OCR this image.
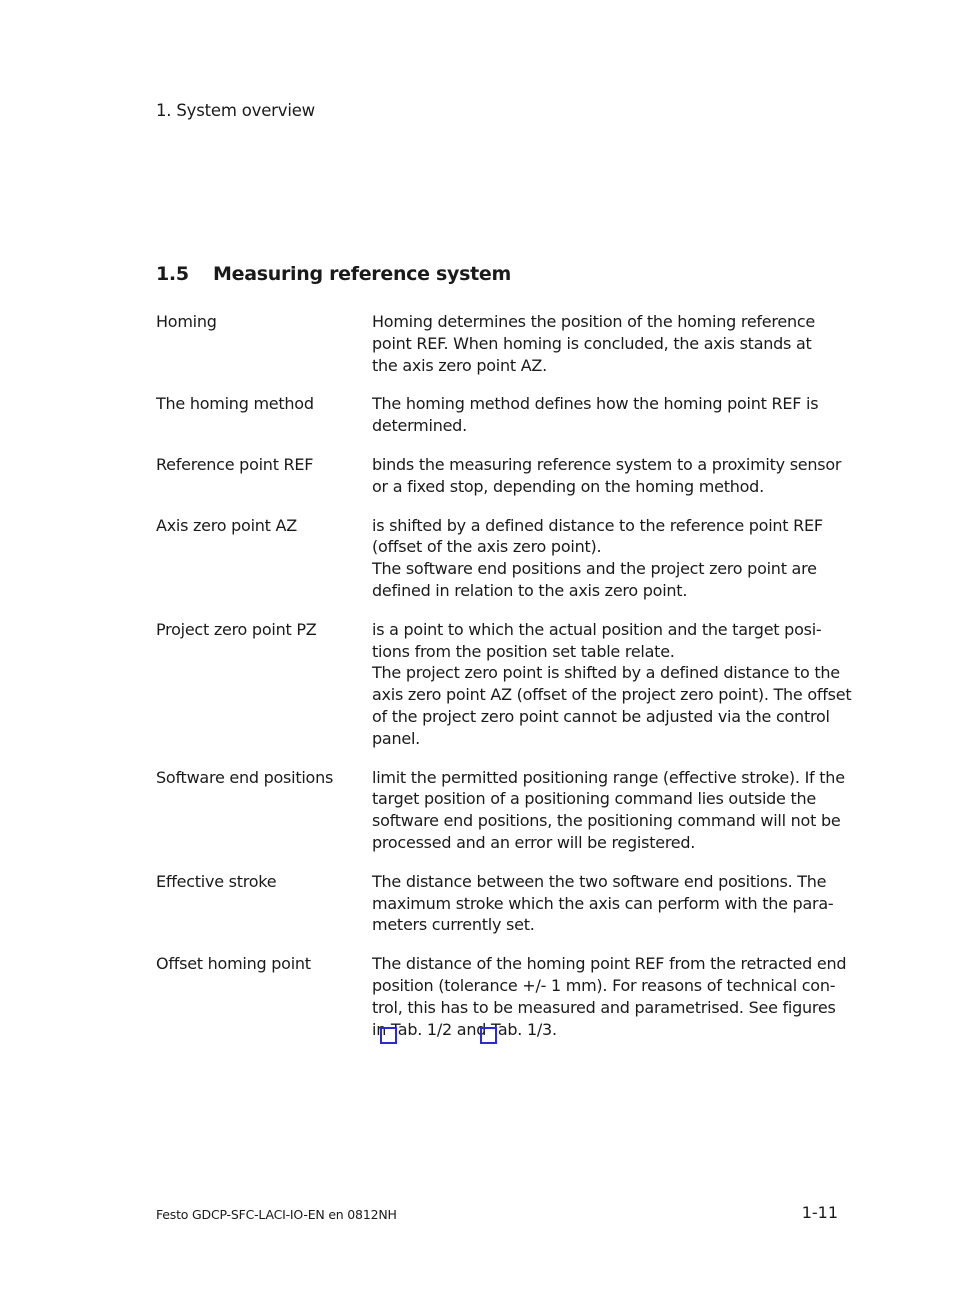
1. System overview
1.5 Measuring reference system
Homing	Homing determines the position of the homing reference
point REF. When homing is concluded, the axis stands at
the axis zero point AZ.
The homing method	The homing method defines how the homing point REF is
determined.
Reference point REF	binds the measuring reference system to a proximity sensor
or a fixed stop, depending on the homing method.
Axis zero point AZ	is shifted by a defined distance to the reference point REF
(offset of the axis zero point).
The software end positions and the project zero point are
defined in relation to the axis zero point.
Project zero point PZ	is a point to which the actual position and the target posi-
tions from the position set table relate.
The project zero point is shifted by a defined distance to the
axis zero point AZ (offset of the project zero point). The offset
of the project zero point cannot be adjusted via the control
panel.
Software end positions	limit the permitted positioning range (effective stroke). If the
target position of a positioning command lies outside the
software end positions, the positioning command will not be
processed and an error will be registered.
Effective stroke	The distance between the two software end positions. The
maximum stroke which the axis can perform with the para-
meters currently set.
Offset homing point	The distance of the homing point REF from the retracted end
position (tolerance +/- 1 mm). For reasons of technical con-
trol, this has to be measured and parametrised. See figures
in Tab. 1/2 and Tab. 1/3.
Festo GDCP-SFC-LACI-IO-EN en 0812NH	1-11
